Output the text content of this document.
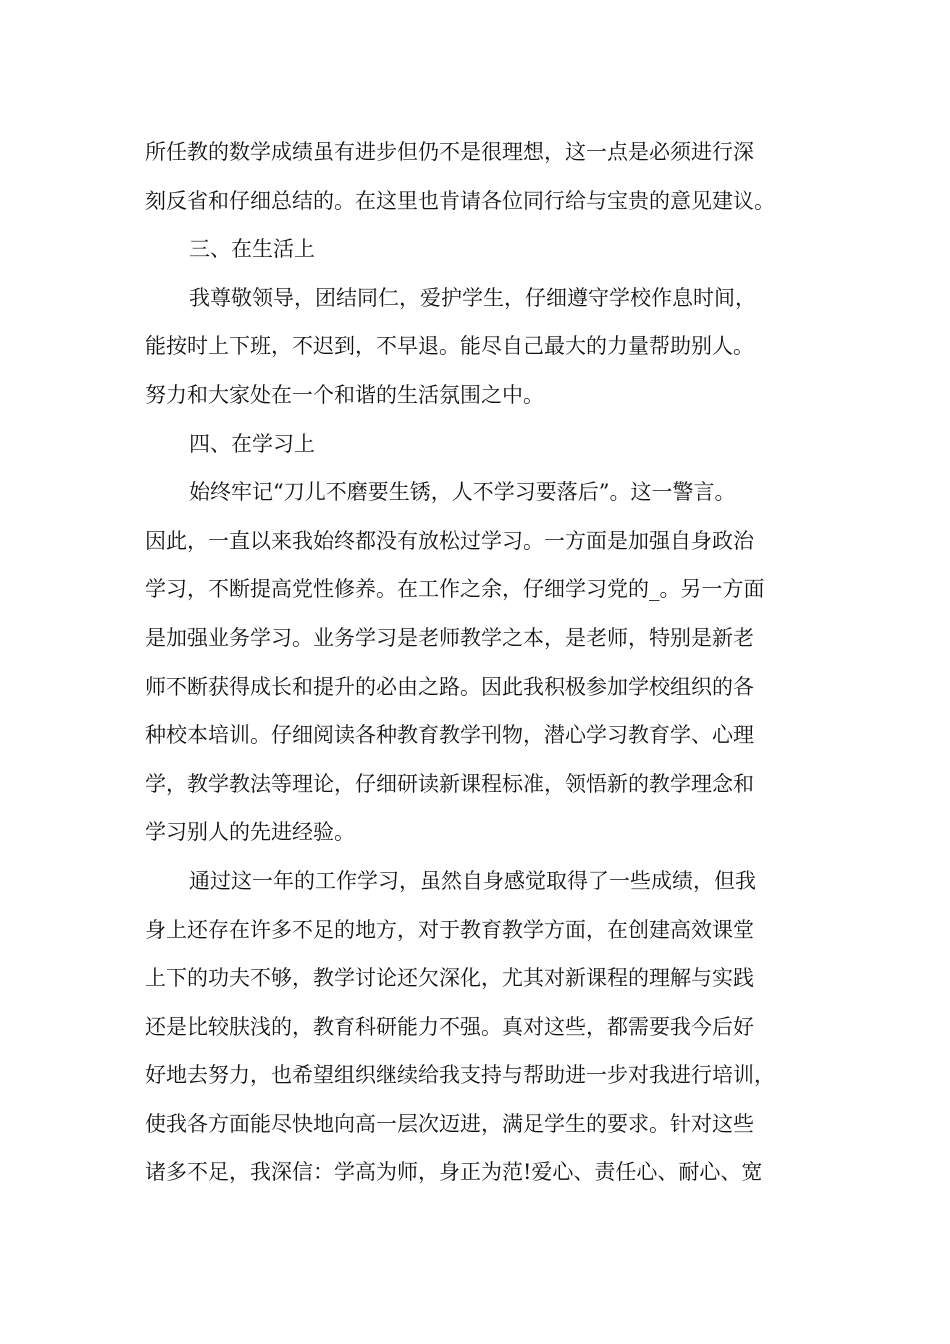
所任教的数学成绩虽有进步但仍不是很理想，这一点是必须进行深
刻反省和仔细总结的。在这里也肯请各位同行给与宝贵的意见建议。
三、在生活上
我尊敬领导，团结同仁，爱护学生，仔细遵守学校作息时间，
能按时上下班，不迟到，不早退。能尽自己最大的力量帮助别人。
努力和大家处在一个和谐的生活氛围之中。
四、在学习上
始终牢记“刀儿不磨要生锈，人不学习要落后”。这一警言。
因此，一直以来我始终都没有放松过学习。一方面是加强自身政治
学习，不断提高党性修养。在工作之余，仔细学习党的_。另一方面
是加强业务学习。业务学习是老师教学之本，是老师，特别是新老
师不断获得成长和提升的必由之路。因此我积极参加学校组织的各
种校本培训。仔细阅读各种教育教学刊物，潜心学习教育学、心理
学，教学教法等理论，仔细研读新课程标准，领悟新的教学理念和
学习别人的先进经验。
通过这一年的工作学习，虽然自身感觉取得了一些成绩，但我
身上还存在许多不足的地方，对于教育教学方面，在创建高效课堂
上下的功夫不够，教学讨论还欠深化，尤其对新课程的理解与实践
还是比较肤浅的，教育科研能力不强。真对这些，都需要我今后好
好地去努力，也希望组织继续给我支持与帮助进一步对我进行培训，
使我各方面能尽快地向高一层次迈进，满足学生的要求。针对这些
诸多不足，我深信：学高为师，身正为范!爱心、责任心、耐心、宽
